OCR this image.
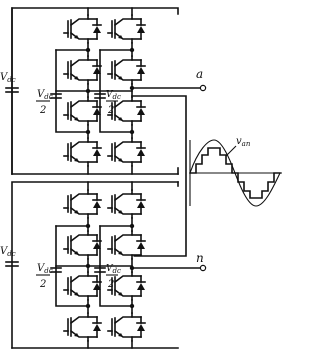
a
n
$V_{dc}$
$V_{dc}$
2
$V_{dc}$
2
$V_{dc}$
$V_{dc}$
2
$V_{dc}$
2
$v_{an}$
